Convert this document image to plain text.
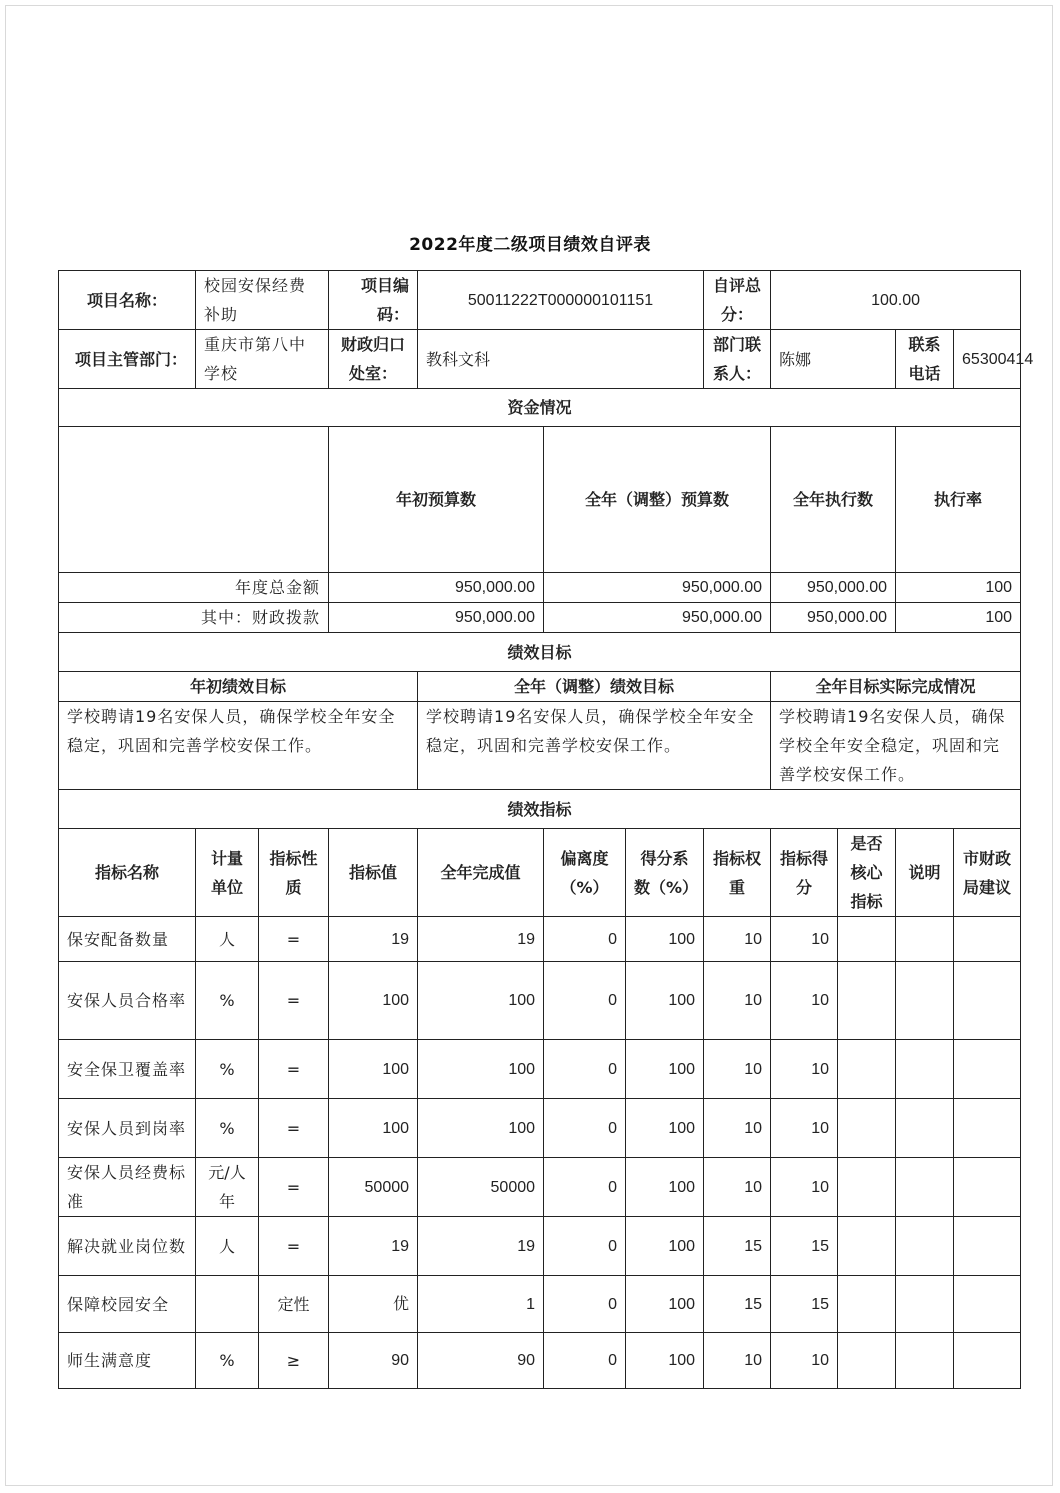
2022年度二级项目绩效自评表
项目名称：	校园安保经费补助		项目编码：	50011222T000000101151			自评总分：	100.00				
项目主管部门：	重庆市第八中学校		财政归口处室：	教科文科			部门联系人：	陈娜		联系电话	65300414	
资金情况												
			年初预算数		全年（调整）预算数			全年执行数		执行率		
年度总金额			950,000.00		950,000.00			950,000.00		100		
其中：财政拨款			950,000.00		950,000.00			950,000.00		100		
绩效目标												
年初绩效目标				全年（调整）绩效目标				全年目标实际完成情况				
学校聘请19名安保人员，确保学校全年安全稳定，巩固和完善学校安保工作。				学校聘请19名安保人员，确保学校全年安全稳定，巩固和完善学校安保工作。				学校聘请19名安保人员，确保学校全年安全稳定，巩固和完善学校安保工作。				
绩效指标												
指标名称	计量单位	指标性质	指标值	全年完成值	偏离度（%）	得分系数（%）	指标权重	指标得分	是否核心指标	说明	市财政局建议	
保安配备数量	人	=	19	19	0	100	10	10				
安保人员合格率	%	=	100	100	0	100	10	10				
安全保卫覆盖率	%	=	100	100	0	100	10	10				
安保人员到岗率	%	=	100	100	0	100	10	10				
安保人员经费标准	元/人年	=	50000	50000	0	100	10	10				
解决就业岗位数	人	=	19	19	0	100	15	15				
保障校园安全		定性	优	1	0	100	15	15				
师生满意度	%	≥	90	90	0	100	10	10				
